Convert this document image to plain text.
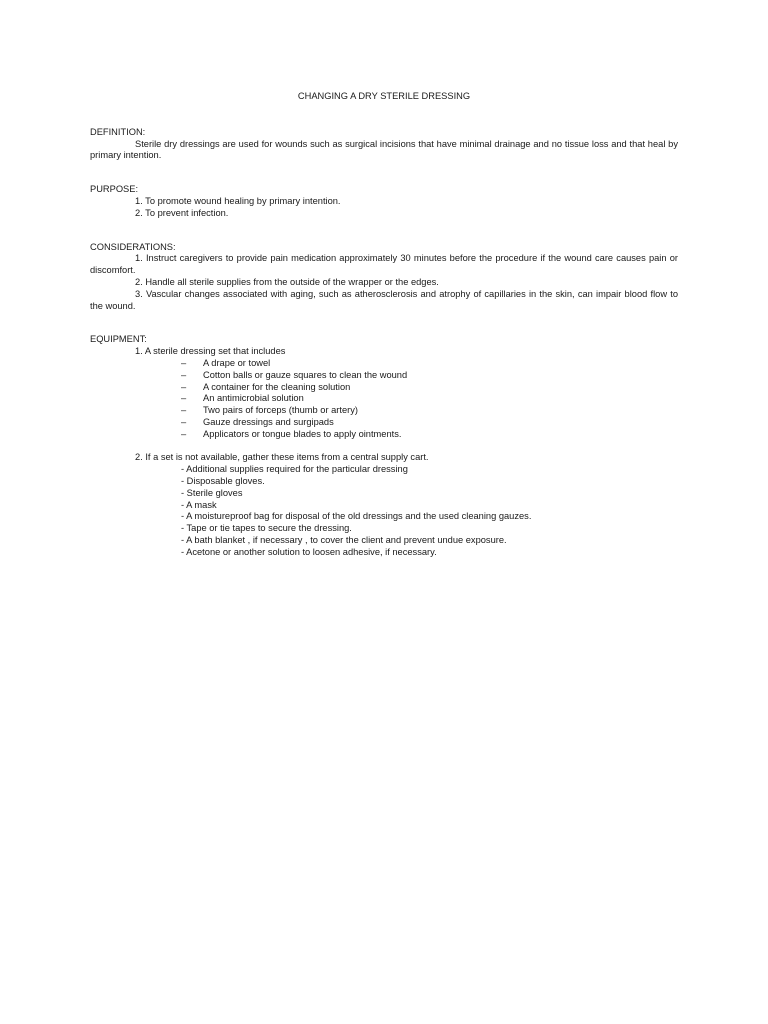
CHANGING A DRY STERILE DRESSING

DEFINITION:

Sterile dry dressings are used for wounds such as surgical incisions that have minimal drainage and no tissue loss and that heal by primary intention.

PURPOSE:

1. To promote wound healing by primary intention.

2. To prevent infection.

CONSIDERATIONS:

1. Instruct caregivers to provide pain medication approximately 30 minutes before the procedure if the wound care causes pain or discomfort.

2. Handle all sterile supplies from the outside of the wrapper or the edges.

3. Vascular changes associated with aging, such as atherosclerosis and atrophy of capillaries in the skin, can impair blood flow to the wound.

EQUIPMENT:

1. A sterile dressing set that includes

– A drape or towel
– Cotton balls or gauze squares to clean the wound
– A container for the cleaning solution
– An antimicrobial solution
– Two pairs of forceps (thumb or artery)
– Gauze dressings and surgipads
– Applicators or tongue blades to apply ointments.

2. If a set is not available, gather these items from a central supply cart.

- Additional supplies required for the particular dressing
- Disposable gloves.
- Sterile gloves
- A mask
- A moistureproof bag for disposal of the old dressings and the used cleaning gauzes.
- Tape or tie tapes to secure the dressing.
- A bath blanket , if necessary , to cover the client and prevent undue exposure.
- Acetone or another solution to loosen adhesive, if necessary.
